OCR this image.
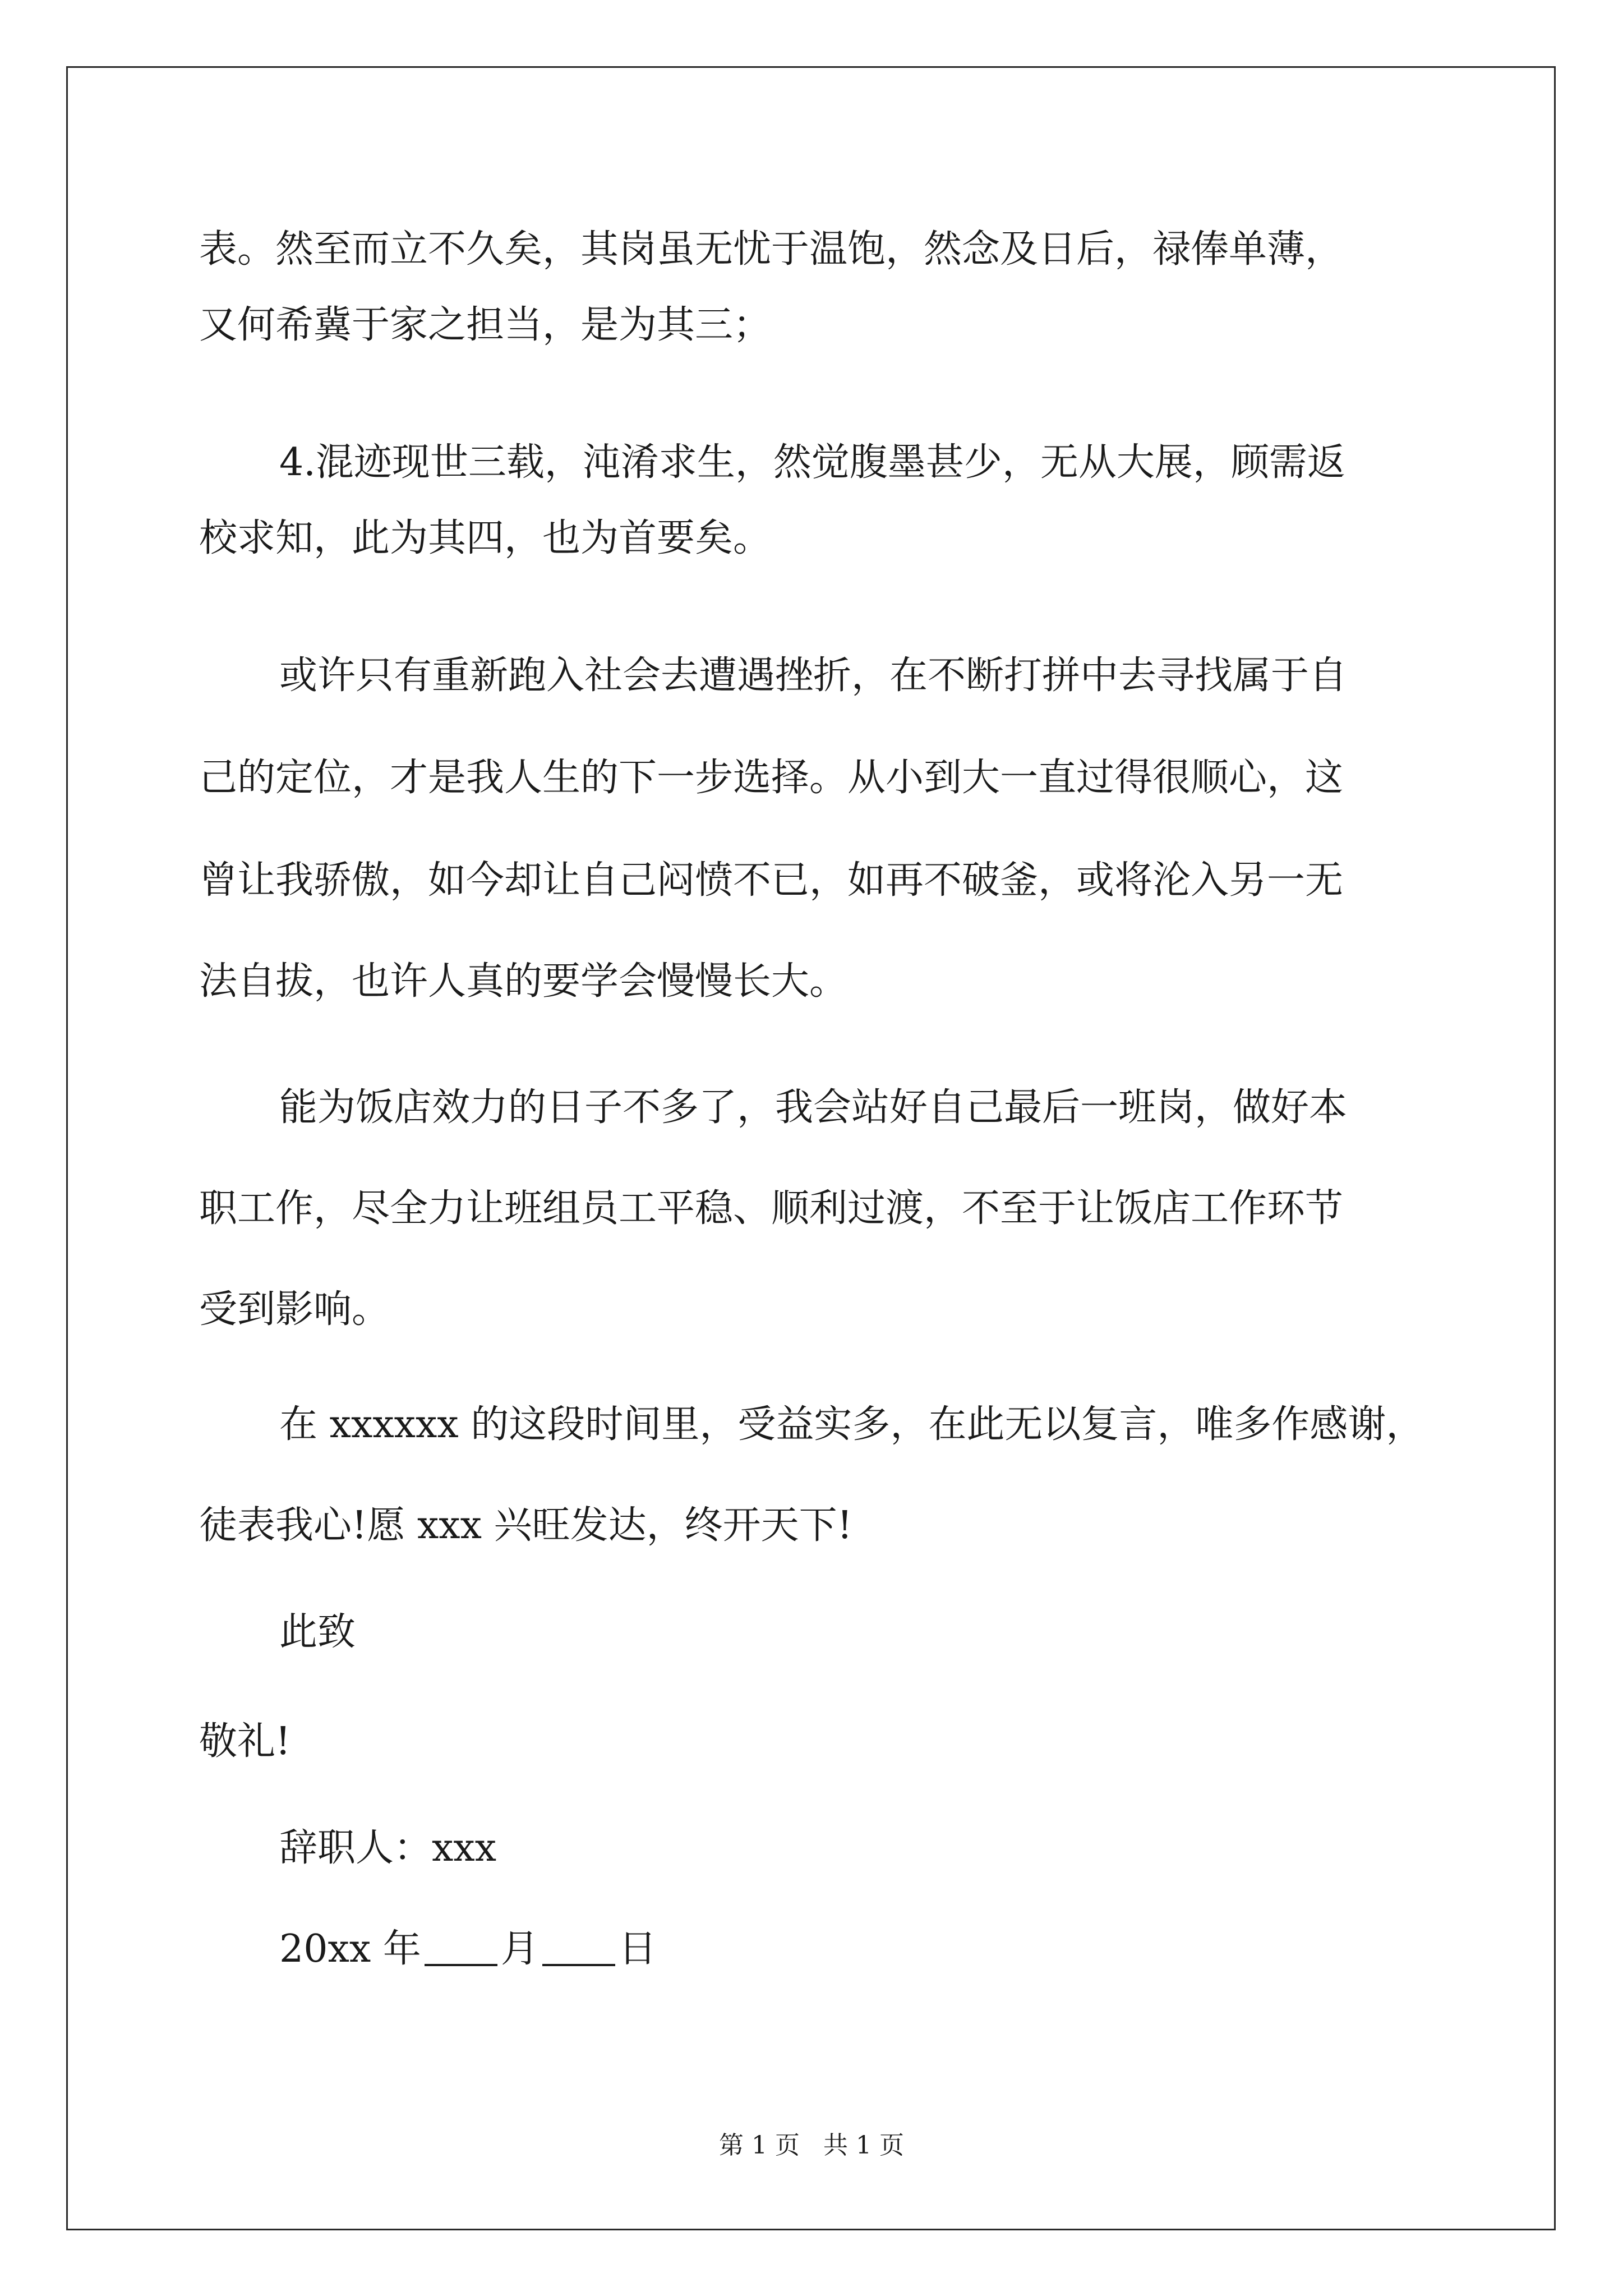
表。然至而立不久矣，其岗虽无忧于温饱，然念及日后，禄俸单薄，
又何希冀于家之担当，是为其三；
4.混迹现世三载，沌淆求生，然觉腹墨甚少，无从大展，顾需返
校求知，此为其四，也为首要矣。
或许只有重新跑入社会去遭遇挫折，在不断打拼中去寻找属于自
己的定位，才是我人生的下一步选择。从小到大一直过得很顺心，这
曾让我骄傲，如今却让自己闷愤不已，如再不破釜，或将沦入另一无
法自拔，也许人真的要学会慢慢长大。
能为饭店效力的日子不多了，我会站好自己最后一班岗，做好本
职工作，尽全力让班组员工平稳、顺利过渡，不至于让饭店工作环节
受到影响。
在 xxxxxx 的这段时间里，受益实多，在此无以复言，唯多作感谢，
徒表我心!愿 xxx 兴旺发达，终开天下!
此致
敬礼!
辞职人：xxx
20xx 年 月 日
第 1 页 共 1 页
